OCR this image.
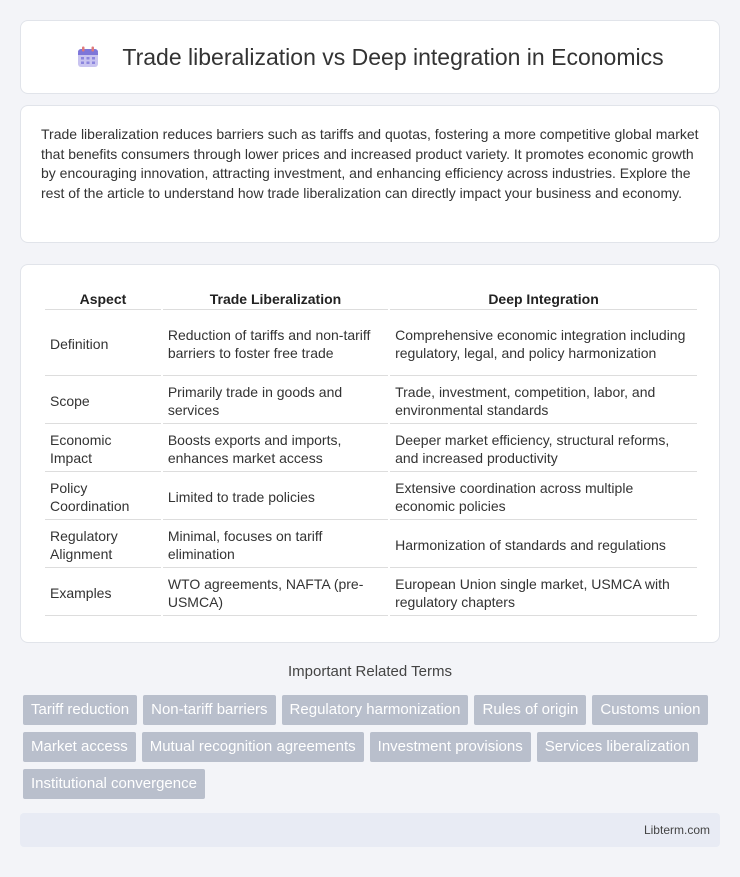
Trade liberalization vs Deep integration in Economics

Trade liberalization reduces barriers such as tariffs and quotas, fostering a more competitive global market that benefits consumers through lower prices and increased product variety. It promotes economic growth by encouraging innovation, attracting investment, and enhancing efficiency across industries. Explore the rest of the article to understand how trade liberalization can directly impact your business and economy.

Aspect	Trade Liberalization	Deep Integration
Definition	Reduction of tariffs and non-tariff barriers to foster free trade	Comprehensive economic integration including regulatory, legal, and policy harmonization
Scope	Primarily trade in goods and services	Trade, investment, competition, labor, and environmental standards
Economic Impact	Boosts exports and imports, enhances market access	Deeper market efficiency, structural reforms, and increased productivity
Policy Coordination	Limited to trade policies	Extensive coordination across multiple economic policies
Regulatory Alignment	Minimal, focuses on tariff elimination	Harmonization of standards and regulations
Examples	WTO agreements, NAFTA (pre-USMCA)	European Union single market, USMCA with regulatory chapters
Important Related Terms
Tariff reduction	Non-tariff barriers	Regulatory harmonization	Rules of origin	Customs union
Market access	Mutual recognition agreements	Investment provisions	Services liberalization
Institutional convergence
Libterm.com
